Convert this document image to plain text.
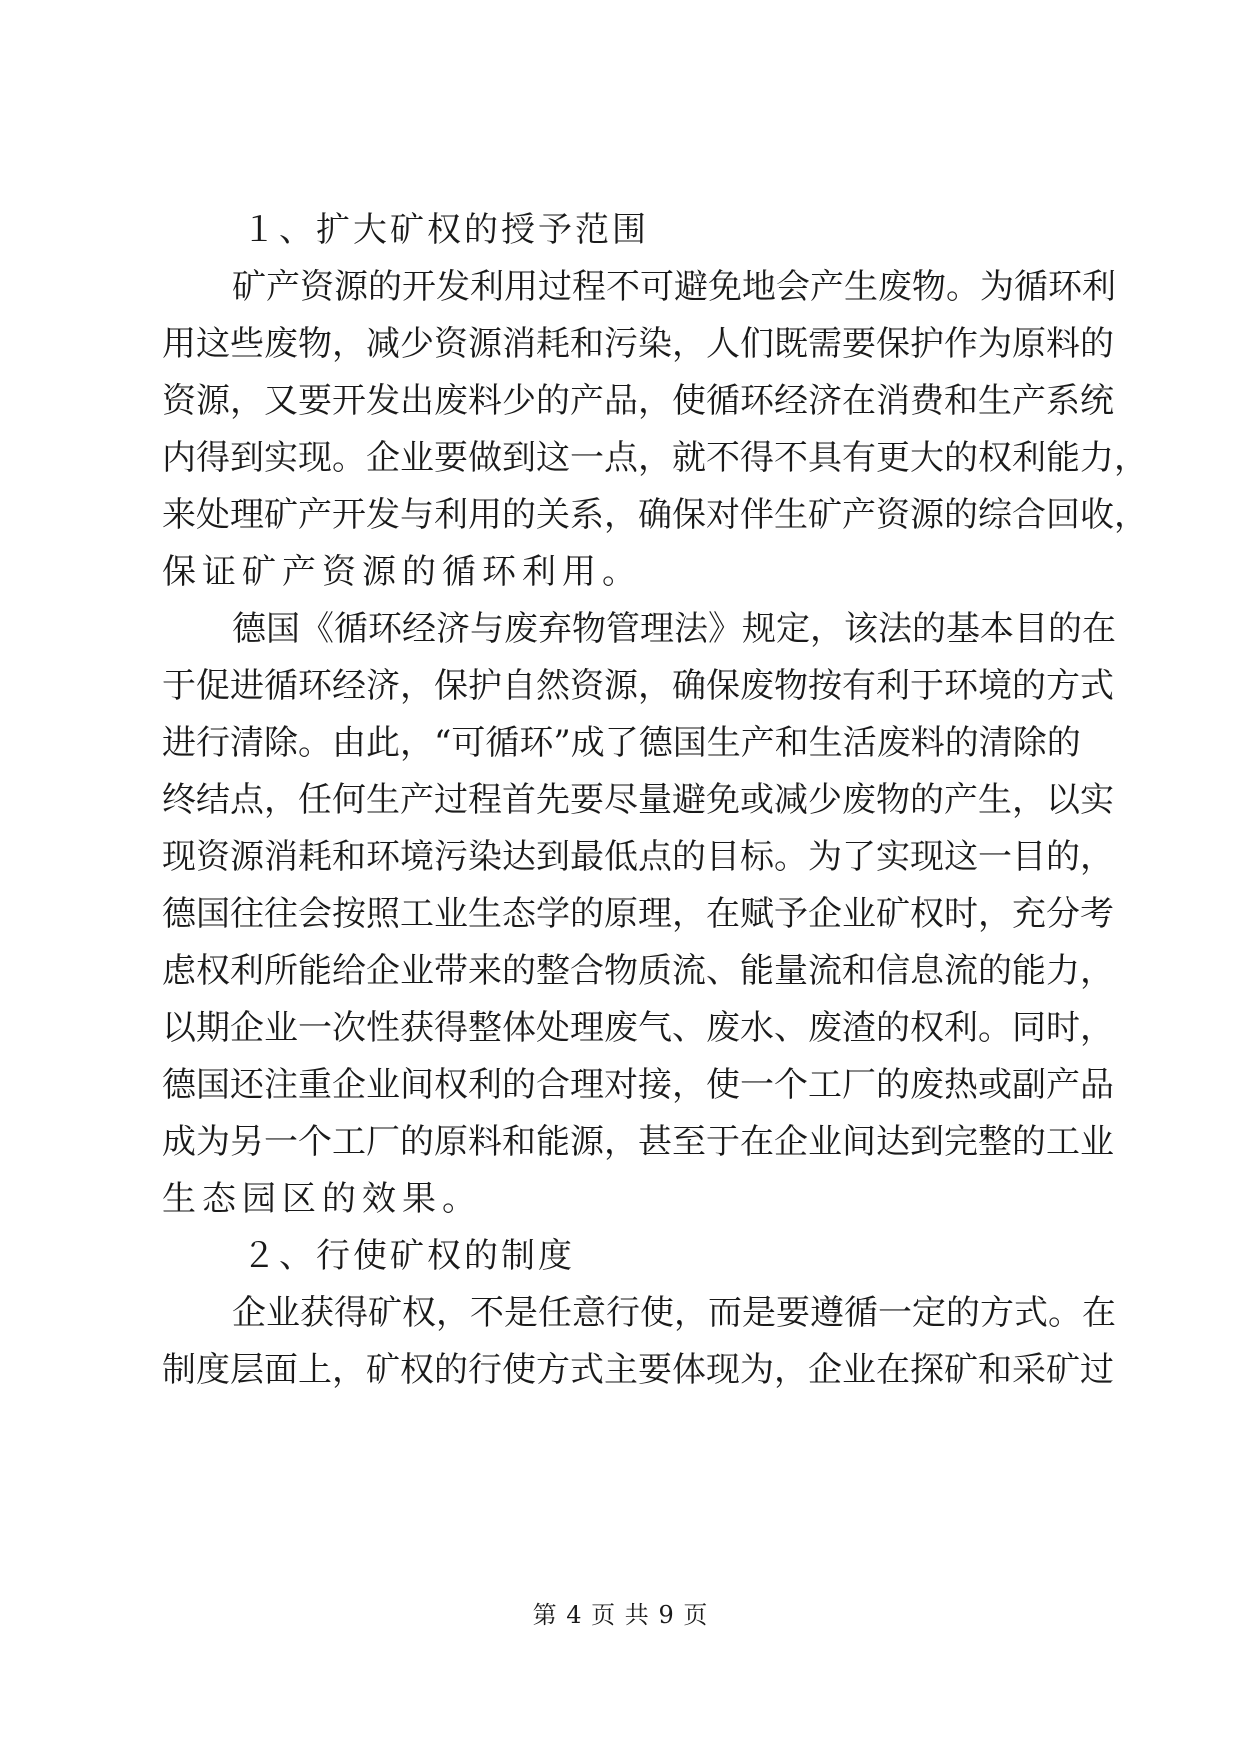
１、扩大矿权的授予范围
矿产资源的开发利用过程不可避免地会产生废物。为循环利
用这些废物，减少资源消耗和污染，人们既需要保护作为原料的
资源，又要开发出废料少的产品，使循环经济在消费和生产系统
内得到实现。企业要做到这一点，就不得不具有更大的权利能力，
来处理矿产开发与利用的关系，确保对伴生矿产资源的综合回收，
保证矿产资源的循环利用。
德国《循环经济与废弃物管理法》规定，该法的基本目的在
于促进循环经济，保护自然资源，确保废物按有利于环境的方式
进行清除。由此，“可循环”成了德国生产和生活废料的清除的
终结点，任何生产过程首先要尽量避免或减少废物的产生，以实
现资源消耗和环境污染达到最低点的目标。为了实现这一目的，
德国往往会按照工业生态学的原理，在赋予企业矿权时，充分考
虑权利所能给企业带来的整合物质流、能量流和信息流的能力，
以期企业一次性获得整体处理废气、废水、废渣的权利。同时，
德国还注重企业间权利的合理对接，使一个工厂的废热或副产品
成为另一个工厂的原料和能源，甚至于在企业间达到完整的工业
生态园区的效果。
２、行使矿权的制度
企业获得矿权，不是任意行使，而是要遵循一定的方式。在
制度层面上，矿权的行使方式主要体现为，企业在探矿和采矿过
第 4 页 共 9 页
